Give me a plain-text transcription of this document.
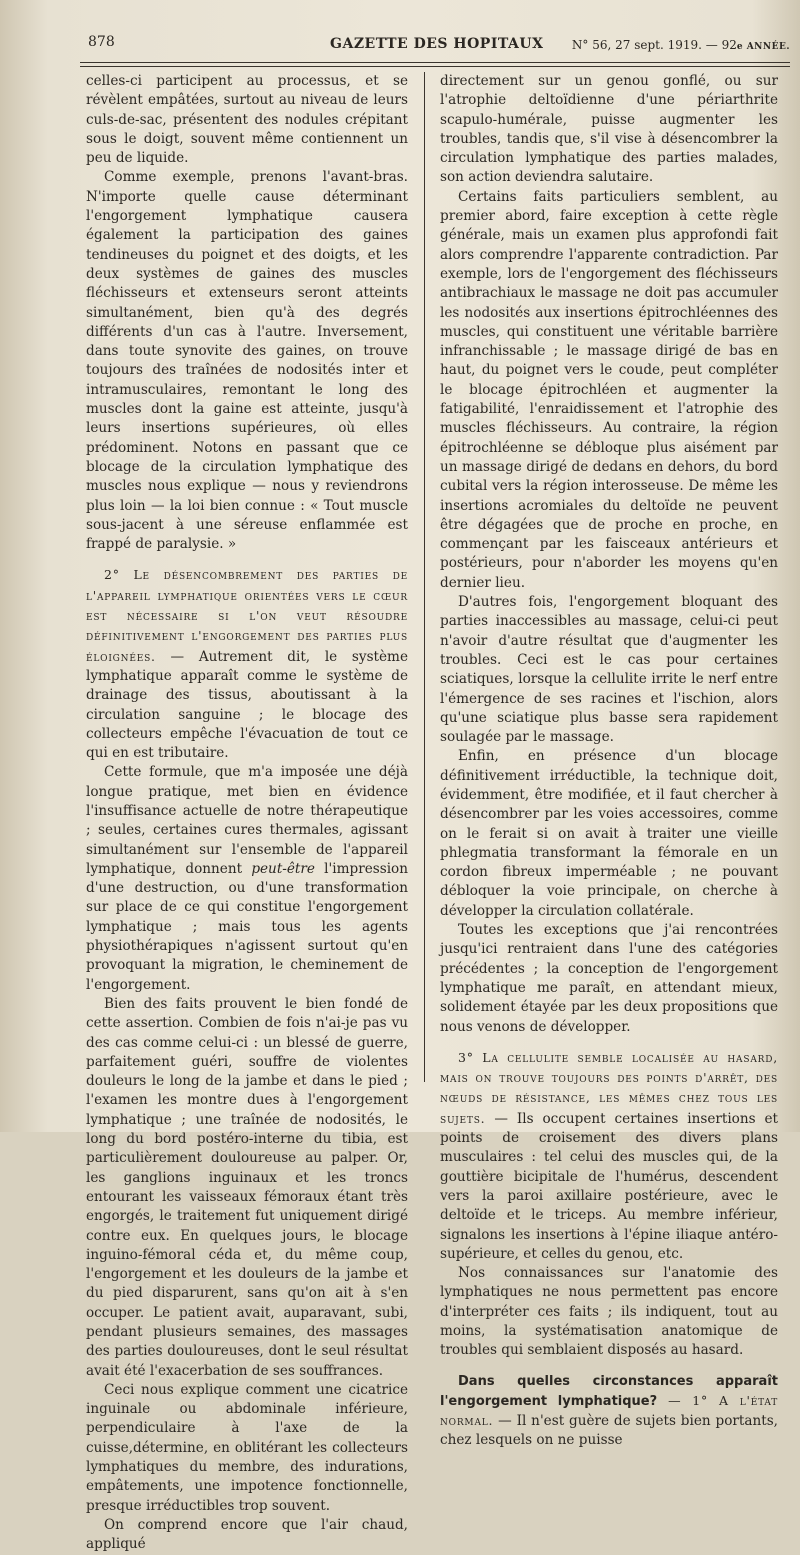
878	GAZETTE DES HOPITAUX N° 56, 27 sept. 1919. — 92e ANNÉE.

celles-ci participent au processus, et se révèlent empâtées, surtout au niveau de leurs culs-de-sac, présentent des nodules crépitant sous le doigt, souvent même contiennent un peu de liquide.

Comme exemple, prenons l'avant-bras. N'importe quelle cause déterminant l'engorgement lymphatique causera également la participation des gaines tendineuses du poignet et des doigts, et les deux systèmes de gaines des muscles fléchisseurs et extenseurs seront atteints simultanément, bien qu'à des degrés différents d'un cas à l'autre. Inversement, dans toute synovite des gaines, on trouve toujours des traînées de nodosités inter et intramusculaires, remontant le long des muscles dont la gaine est atteinte, jusqu'à leurs insertions supérieures, où elles prédominent. Notons en passant que ce blocage de la circulation lymphatique des muscles nous explique — nous y reviendrons plus loin — la loi bien connue : « Tout muscle sous-jacent à une séreuse enflammée est frappé de paralysie. »

2° Le désencombrement des parties de l'appareil lymphatique orientées vers le cœur est nécessaire si l'on veut résoudre définitivement l'engorgement des parties plus éloignées. — Autrement dit, le système lymphatique apparaît comme le système de drainage des tissus, aboutissant à la circulation sanguine ; le blocage des collecteurs empêche l'évacuation de tout ce qui en est tributaire.

Cette formule, que m'a imposée une déjà longue pratique, met bien en évidence l'insuffisance actuelle de notre thérapeutique ; seules, certaines cures thermales, agissant simultanément sur l'ensemble de l'appareil lymphatique, donnent peut-être l'impression d'une destruction, ou d'une transformation sur place de ce qui constitue l'engorgement lymphatique ; mais tous les agents physiothérapiques n'agissent surtout qu'en provoquant la migration, le cheminement de l'engorgement.

Bien des faits prouvent le bien fondé de cette assertion. Combien de fois n'ai-je pas vu des cas comme celui-ci : un blessé de guerre, parfaitement guéri, souffre de violentes douleurs le long de la jambe et dans le pied ; l'examen les montre dues à l'engorgement lymphatique ; une traînée de nodosités, le long du bord postéro-interne du tibia, est particulièrement douloureuse au palper. Or, les ganglions inguinaux et les troncs entourant les vaisseaux fémoraux étant très engorgés, le traitement fut uniquement dirigé contre eux. En quelques jours, le blocage inguino-fémoral céda et, du même coup, l'engorgement et les douleurs de la jambe et du pied disparurent, sans qu'on ait à s'en occuper. Le patient avait, auparavant, subi, pendant plusieurs semaines, des massages des parties douloureuses, dont le seul résultat avait été l'exacerbation de ses souffrances.

Ceci nous explique comment une cicatrice inguinale ou abdominale inférieure, perpendiculaire à l'axe de la cuisse,détermine, en oblitérant les collecteurs lymphatiques du membre, des indurations, empâtements, une impotence fonctionnelle, presque irréductibles trop souvent.

On comprend encore que l'air chaud, appliqué

directement sur un genou gonflé, ou sur l'atrophie deltoïdienne d'une périarthrite scapulo-humérale, puisse augmenter les troubles, tandis que, s'il vise à désencombrer la circulation lymphatique des parties malades, son action deviendra salutaire.

Certains faits particuliers semblent, au premier abord, faire exception à cette règle générale, mais un examen plus approfondi fait alors comprendre l'apparente contradiction. Par exemple, lors de l'engorgement des fléchisseurs antibrachiaux le massage ne doit pas accumuler les nodosités aux insertions épitrochléennes des muscles, qui constituent une véritable barrière infranchissable ; le massage dirigé de bas en haut, du poignet vers le coude, peut compléter le blocage épitrochléen et augmenter la fatigabilité, l'enraidissement et l'atrophie des muscles fléchisseurs. Au contraire, la région épitrochléenne se débloque plus aisément par un massage dirigé de dedans en dehors, du bord cubital vers la région interosseuse. De même les insertions acromiales du deltoïde ne peuvent être dégagées que de proche en proche, en commençant par les faisceaux antérieurs et postérieurs, pour n'aborder les moyens qu'en dernier lieu.

D'autres fois, l'engorgement bloquant des parties inaccessibles au massage, celui-ci peut n'avoir d'autre résultat que d'augmenter les troubles. Ceci est le cas pour certaines sciatiques, lorsque la cellulite irrite le nerf entre l'émergence de ses racines et l'ischion, alors qu'une sciatique plus basse sera rapidement soulagée par le massage.

Enfin, en présence d'un blocage définitivement irréductible, la technique doit, évidemment, être modifiée, et il faut chercher à désencombrer par les voies accessoires, comme on le ferait si on avait à traiter une vieille phlegmatia transformant la fémorale en un cordon fibreux imperméable ; ne pouvant débloquer la voie principale, on cherche à développer la circulation collatérale.

Toutes les exceptions que j'ai rencontrées jusqu'ici rentraient dans l'une des catégories précédentes ; la conception de l'engorgement lymphatique me paraît, en attendant mieux, solidement étayée par les deux propositions que nous venons de développer.

3° La cellulite semble localisée au hasard, mais on trouve toujours des points d'arrêt, des nœuds de résistance, les mêmes chez tous les sujets. — Ils occupent certaines insertions et points de croisement des divers plans musculaires : tel celui des muscles qui, de la gouttière bicipitale de l'humérus, descendent vers la paroi axillaire postérieure, avec le deltoïde et le triceps. Au membre inférieur, signalons les insertions à l'épine iliaque antéro-supérieure, et celles du genou, etc.

Nos connaissances sur l'anatomie des lymphatiques ne nous permettent pas encore d'interpréter ces faits ; ils indiquent, tout au moins, la systématisation anatomique de troubles qui semblaient disposés au hasard.

Dans quelles circonstances apparaît l'engorgement lymphatique? — 1° A l'état normal. — Il n'est guère de sujets bien portants, chez lesquels on ne puisse
